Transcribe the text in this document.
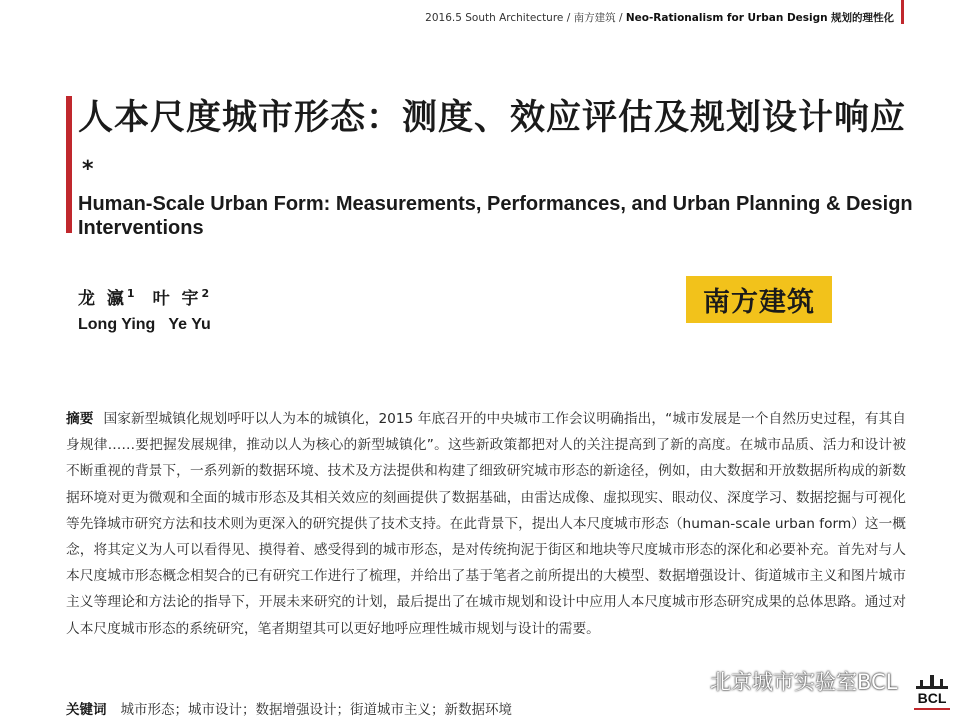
2016.5 South Architecture / 南方建筑 / Neo-Rationalism for Urban Design 规划的理性化
人本尺度城市形态：测度、效应评估及规划设计响应*
Human-Scale Urban Form: Measurements, Performances, and Urban Planning & Design Interventions
龙 瀛$^1$ 叶 宇$^2$
Long Ying   Ye Yu
南方建筑
摘要 国家新型城镇化规划呼吁以人为本的城镇化，2015 年底召开的中央城市工作会议明确指出，“城市发展是一个自然历史过程，有其自身规律……要把握发展规律，推动以人为核心的新型城镇化”。这些新政策都把对人的关注提高到了新的高度。在城市品质、活力和设计被不断重视的背景下，一系列新的数据环境、技术及方法提供和构建了细致研究城市形态的新途径，例如，由大数据和开放数据所构成的新数据环境对更为微观和全面的城市形态及其相关效应的刻画提供了数据基础，由雷达成像、虚拟现实、眼动仪、深度学习、数据挖掘与可视化等先锋城市研究方法和技术则为更深入的研究提供了技术支持。在此背景下，提出人本尺度城市形态（human-scale urban form）这一概念，将其定义为人可以看得见、摸得着、感受得到的城市形态，是对传统拘泥于街区和地块等尺度城市形态的深化和必要补充。首先对与人本尺度城市形态概念相契合的已有研究工作进行了梳理，并给出了基于笔者之前所提出的大模型、数据增强设计、街道城市主义和图片城市主义等理论和方法论的指导下，开展未来研究的计划，最后提出了在城市规划和设计中应用人本尺度城市形态研究成果的总体思路。通过对人本尺度城市形态的系统研究，笔者期望其可以更好地呼应理性城市规划与设计的需要。
关键词 城市形态；城市设计；数据增强设计；街道城市主义；新数据环境
北京城市实验室BCL
BCL
